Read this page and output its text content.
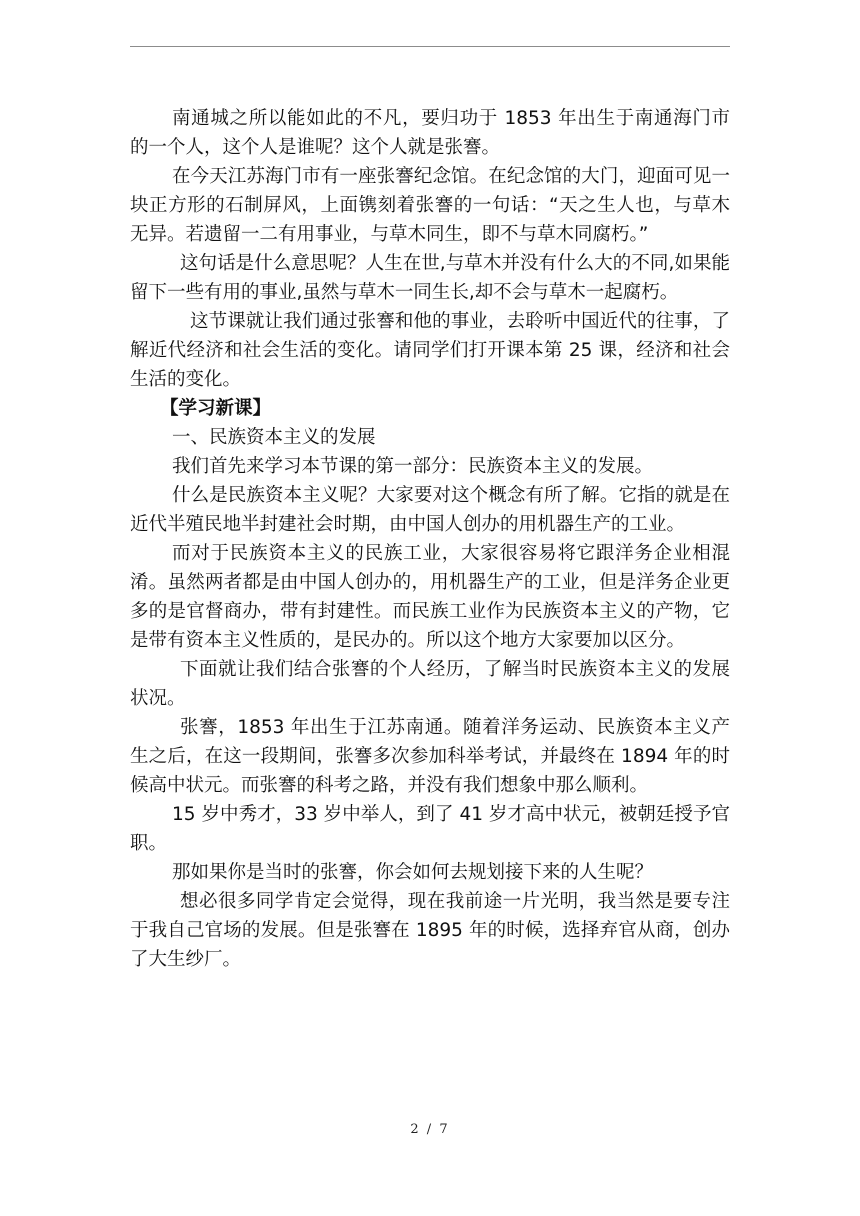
南通城之所以能如此的不凡，要归功于 1853 年出生于南通海门市的一个人，这个人是谁呢？这个人就是张謇。

在今天江苏海门市有一座张謇纪念馆。在纪念馆的大门，迎面可见一块正方形的石制屏风，上面镌刻着张謇的一句话：“天之生人也，与草木无异。若遗留一二有用事业，与草木同生，即不与草木同腐朽。”

这句话是什么意思呢？人生在世,与草木并没有什么大的不同,如果能留下一些有用的事业,虽然与草木一同生长,却不会与草木一起腐朽。

这节课就让我们通过张謇和他的事业，去聆听中国近代的往事，了解近代经济和社会生活的变化。请同学们打开课本第 25 课，经济和社会生活的变化。

【学习新课】

一、民族资本主义的发展

我们首先来学习本节课的第一部分：民族资本主义的发展。

什么是民族资本主义呢？大家要对这个概念有所了解。它指的就是在近代半殖民地半封建社会时期，由中国人创办的用机器生产的工业。

而对于民族资本主义的民族工业，大家很容易将它跟洋务企业相混淆。虽然两者都是由中国人创办的，用机器生产的工业，但是洋务企业更多的是官督商办，带有封建性。而民族工业作为民族资本主义的产物，它是带有资本主义性质的，是民办的。所以这个地方大家要加以区分。

下面就让我们结合张謇的个人经历，了解当时民族资本主义的发展状况。

张謇，1853 年出生于江苏南通。随着洋务运动、民族资本主义产生之后，在这一段期间，张謇多次参加科举考试，并最终在 1894 年的时候高中状元。而张謇的科考之路，并没有我们想象中那么顺利。

15 岁中秀才，33 岁中举人，到了 41 岁才高中状元，被朝廷授予官职。

那如果你是当时的张謇，你会如何去规划接下来的人生呢？

想必很多同学肯定会觉得，现在我前途一片光明，我当然是要专注于我自己官场的发展。但是张謇在 1895 年的时候，选择弃官从商，创办了大生纱厂。

2 / 7
